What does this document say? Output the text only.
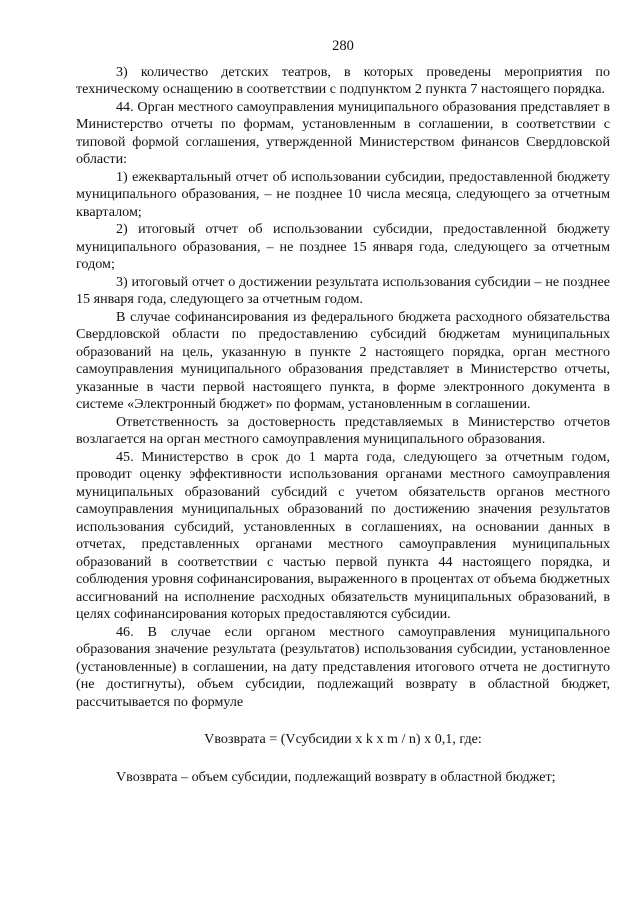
280

3) количество детских театров, в которых проведены мероприятия по техническому оснащению в соответствии с подпунктом 2 пункта 7 настоящего порядка.

44. Орган местного самоуправления муниципального образования представляет в Министерство отчеты по формам, установленным в соглашении, в соответствии с типовой формой соглашения, утвержденной Министерством финансов Свердловской области:

1) ежеквартальный отчет об использовании субсидии, предоставленной бюджету муниципального образования, – не позднее 10 числа месяца, следующего за отчетным кварталом;

2) итоговый отчет об использовании субсидии, предоставленной бюджету муниципального образования, – не позднее 15 января года, следующего за отчетным годом;

3) итоговый отчет о достижении результата использования субсидии – не позднее 15 января года, следующего за отчетным годом.

В случае софинансирования из федерального бюджета расходного обязательства Свердловской области по предоставлению субсидий бюджетам муниципальных образований на цель, указанную в пункте 2 настоящего порядка, орган местного самоуправления муниципального образования представляет в Министерство отчеты, указанные в части первой настоящего пункта, в форме электронного документа в системе «Электронный бюджет» по формам, установленным в соглашении.

Ответственность за достоверность представляемых в Министерство отчетов возлагается на орган местного самоуправления муниципального образования.

45. Министерство в срок до 1 марта года, следующего за отчетным годом, проводит оценку эффективности использования органами местного самоуправления муниципальных образований субсидий с учетом обязательств органов местного самоуправления муниципальных образований по достижению значения результатов использования субсидий, установленных в соглашениях, на основании данных в отчетах, представленных органами местного самоуправления муниципальных образований в соответствии с частью первой пункта 44 настоящего порядка, и соблюдения уровня софинансирования, выраженного в процентах от объема бюджетных ассигнований на исполнение расходных обязательств муниципальных образований, в целях софинансирования которых предоставляются субсидии.

46. В случае если органом местного самоуправления муниципального образования значение результата (результатов) использования субсидии, установленное (установленные) в соглашении, на дату представления итогового отчета не достигнуто (не достигнуты), объем субсидии, подлежащий возврату в областной бюджет, рассчитывается по формуле

Vвозврата = (Vсубсидии x k x m / n) x 0,1, где:

Vвозврата – объем субсидии, подлежащий возврату в областной бюджет;
